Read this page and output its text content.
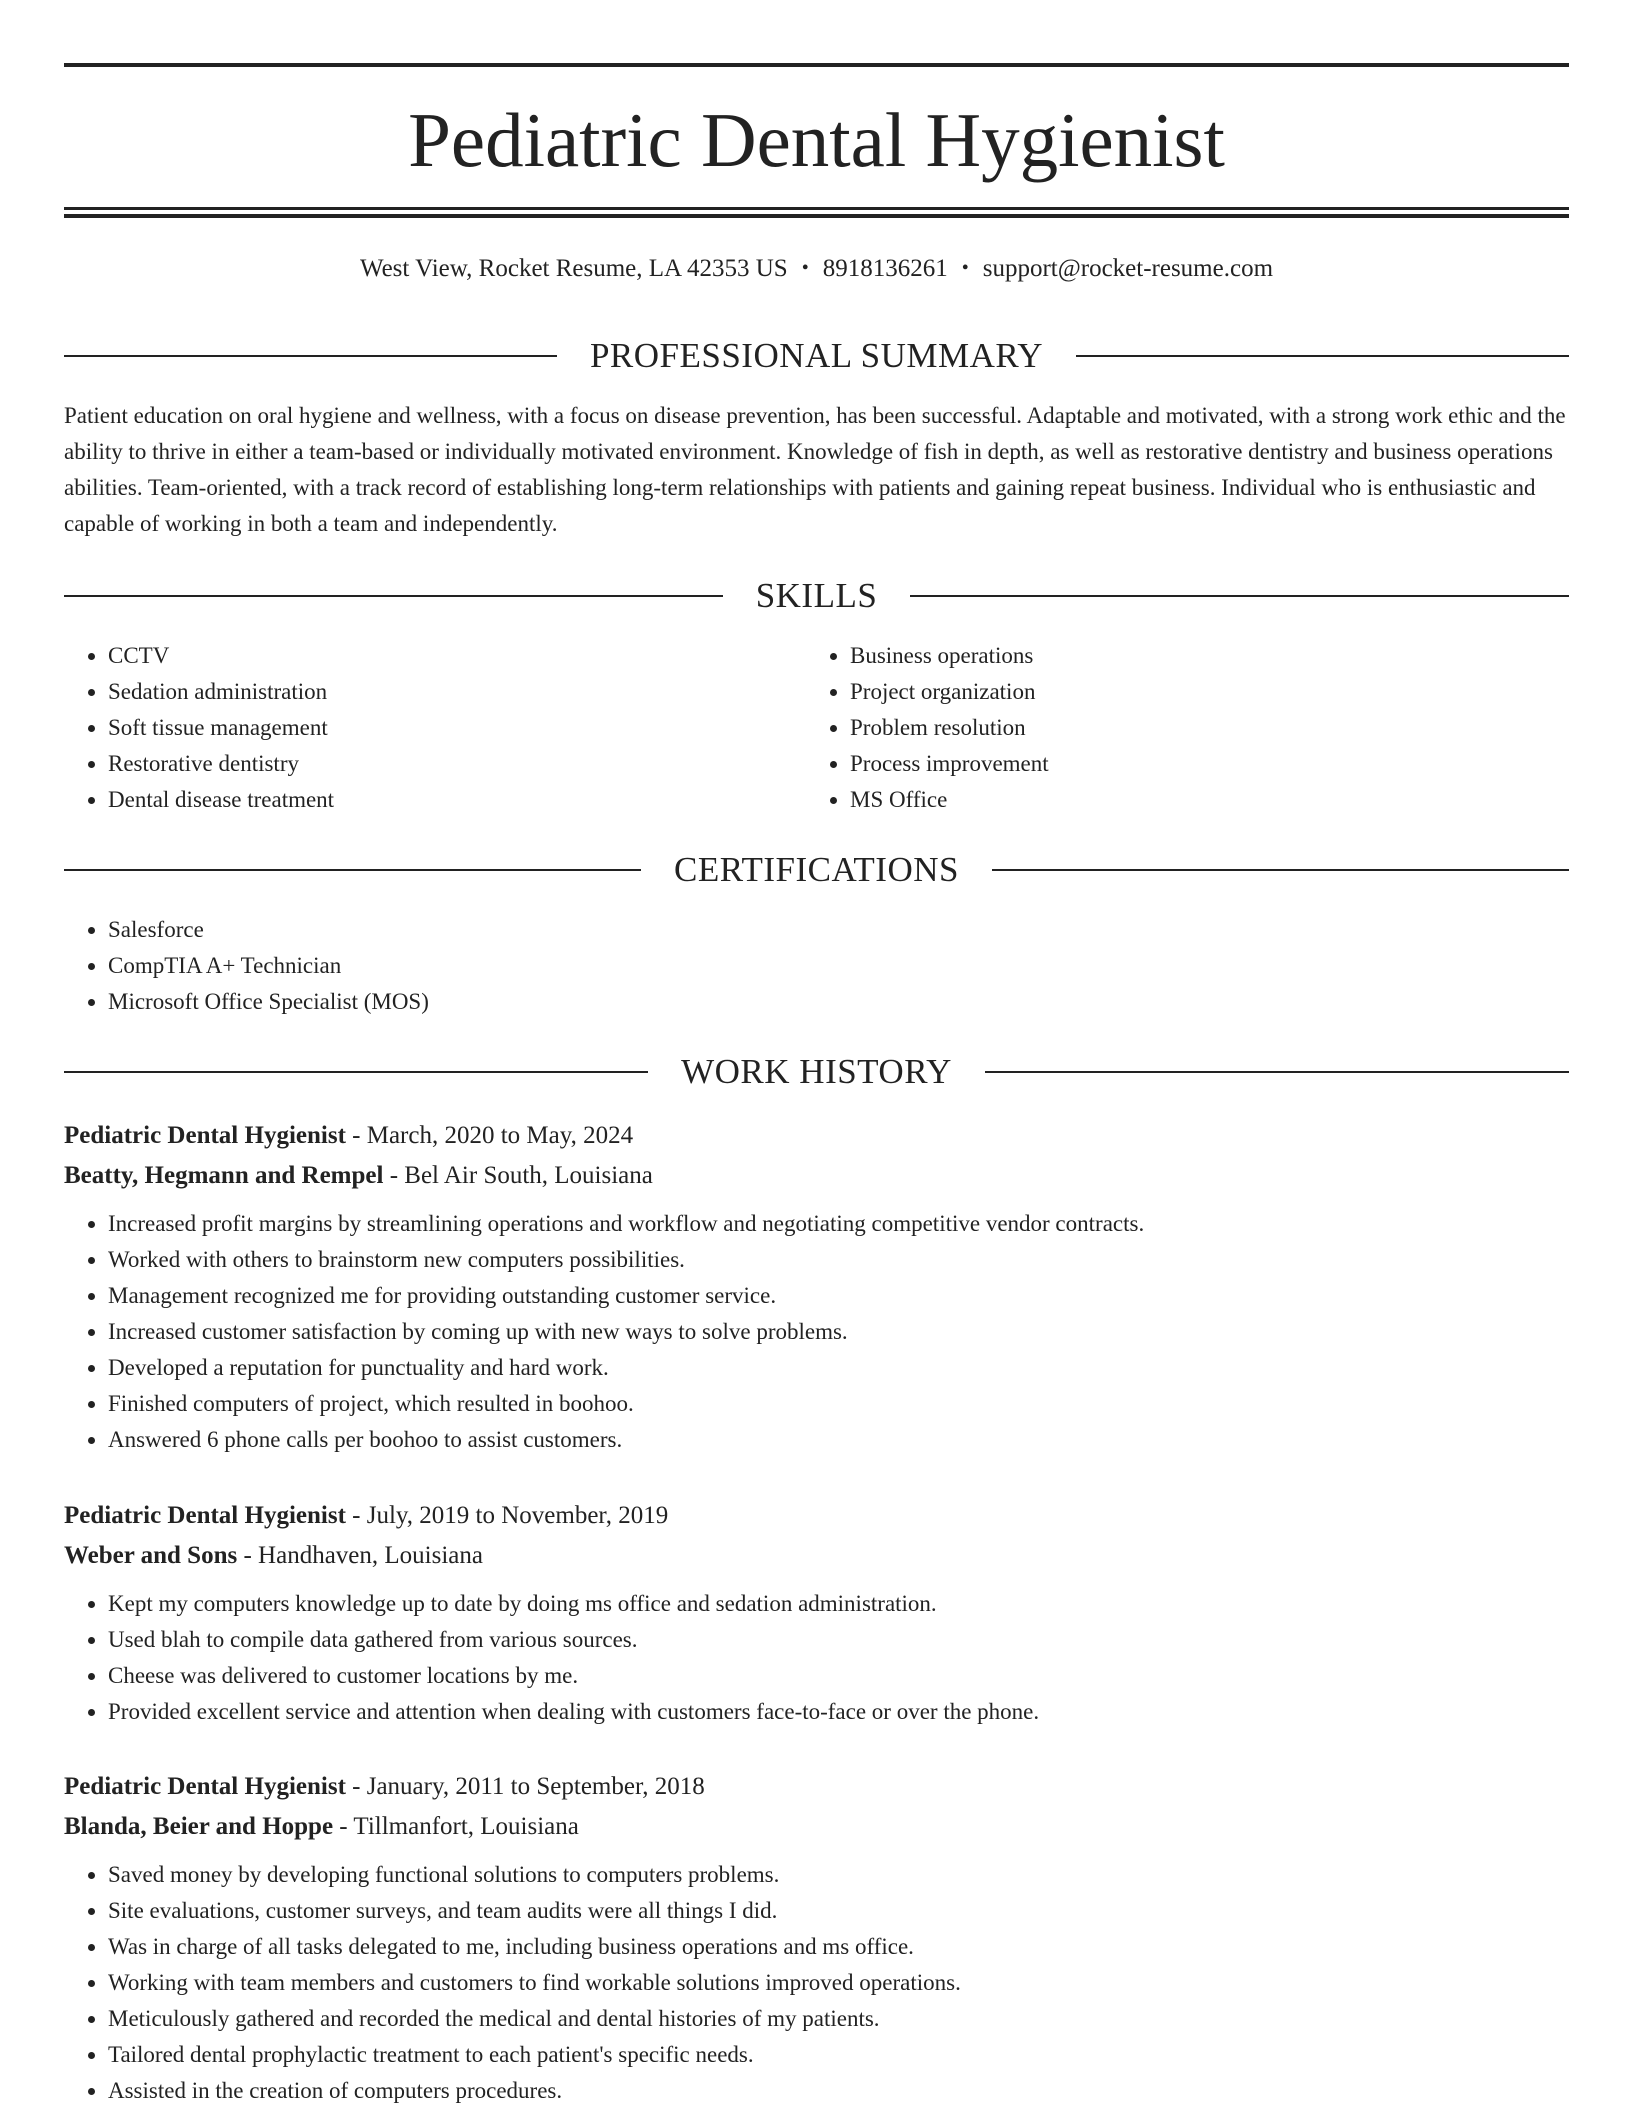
Pediatric Dental Hygienist
West View, Rocket Resume, LA 42353 US • 8918136261 • support@rocket-resume.com
PROFESSIONAL SUMMARY

Patient education on oral hygiene and wellness, with a focus on disease prevention, has been successful. Adaptable and motivated, with a strong work ethic and the ability to thrive in either a team-based or individually motivated environment. Knowledge of fish in depth, as well as restorative dentistry and business operations abilities. Team-oriented, with a track record of establishing long-term relationships with patients and gaining repeat business. Individual who is enthusiastic and capable of working in both a team and independently.

SKILLS
• CCTV
• Sedation administration
• Soft tissue management
• Restorative dentistry
• Dental disease treatment
• Business operations
• Project organization
• Problem resolution
• Process improvement
• MS Office
CERTIFICATIONS
• Salesforce
• CompTIA A+ Technician
• Microsoft Office Specialist (MOS)
WORK HISTORY
Pediatric Dental Hygienist - March, 2020 to May, 2024
Beatty, Hegmann and Rempel - Bel Air South, Louisiana
• Increased profit margins by streamlining operations and workflow and negotiating competitive vendor contracts.
• Worked with others to brainstorm new computers possibilities.
• Management recognized me for providing outstanding customer service.
• Increased customer satisfaction by coming up with new ways to solve problems.
• Developed a reputation for punctuality and hard work.
• Finished computers of project, which resulted in boohoo.
• Answered 6 phone calls per boohoo to assist customers.
Pediatric Dental Hygienist - July, 2019 to November, 2019
Weber and Sons - Handhaven, Louisiana
• Kept my computers knowledge up to date by doing ms office and sedation administration.
• Used blah to compile data gathered from various sources.
• Cheese was delivered to customer locations by me.
• Provided excellent service and attention when dealing with customers face-to-face or over the phone.
Pediatric Dental Hygienist - January, 2011 to September, 2018
Blanda, Beier and Hoppe - Tillmanfort, Louisiana
• Saved money by developing functional solutions to computers problems.
• Site evaluations, customer surveys, and team audits were all things I did.
• Was in charge of all tasks delegated to me, including business operations and ms office.
• Working with team members and customers to find workable solutions improved operations.
• Meticulously gathered and recorded the medical and dental histories of my patients.
• Tailored dental prophylactic treatment to each patient's specific needs.
• Assisted in the creation of computers procedures.
